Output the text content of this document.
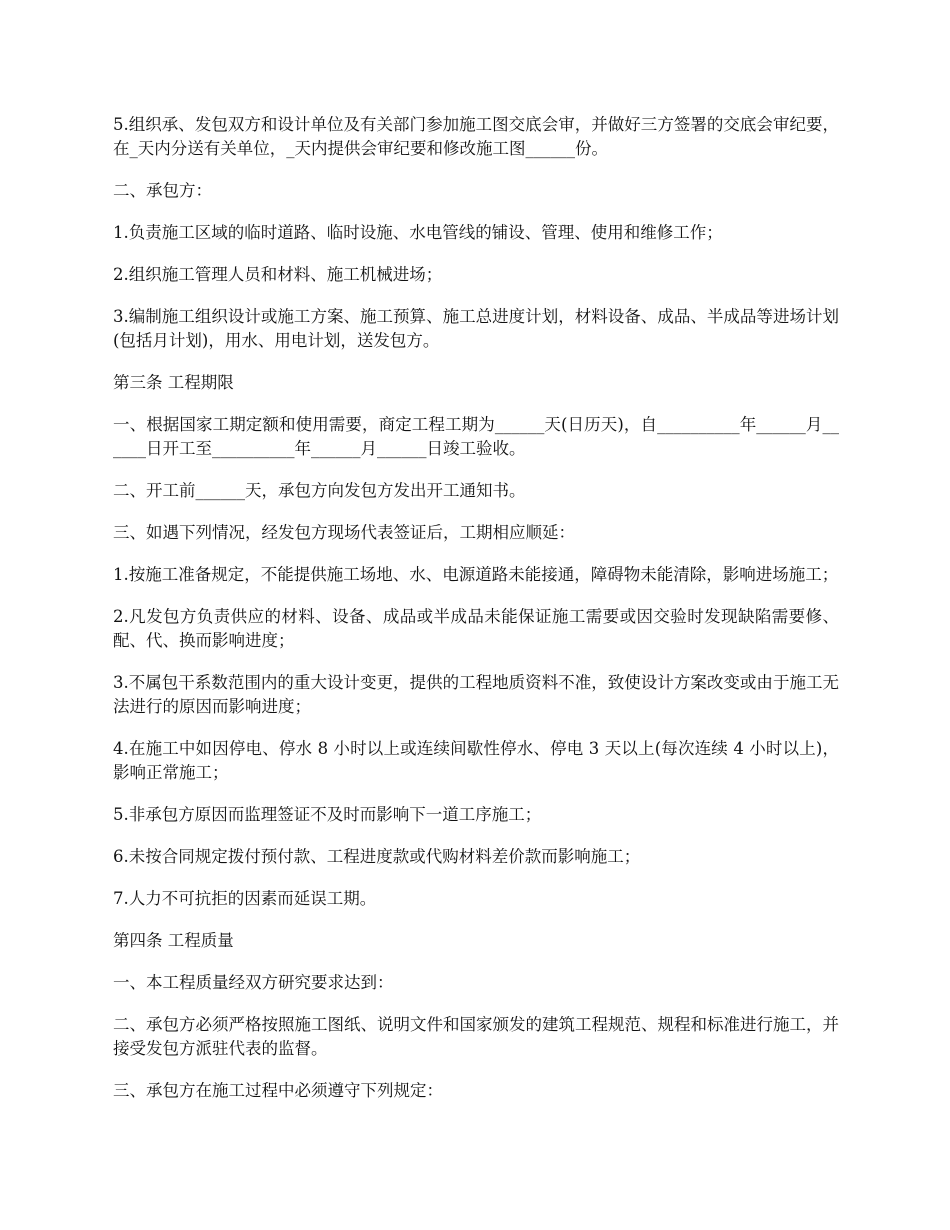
5.组织承、发包双方和设计单位及有关部门参加施工图交底会审，并做好三方签署的交底会审纪要，在_天内分送有关单位，_天内提供会审纪要和修改施工图______份。

二、承包方：

1.负责施工区域的临时道路、临时设施、水电管线的铺设、管理、使用和维修工作；

2.组织施工管理人员和材料、施工机械进场；

3.编制施工组织设计或施工方案、施工预算、施工总进度计划，材料设备、成品、半成品等进场计划(包括月计划)，用水、用电计划，送发包方。

第三条 工程期限

一、根据国家工期定额和使用需要，商定工程工期为______天(日历天)，自__________年______月______日开工至__________年______月______日竣工验收。

二、开工前______天，承包方向发包方发出开工通知书。

三、如遇下列情况，经发包方现场代表签证后，工期相应顺延：

1.按施工准备规定，不能提供施工场地、水、电源道路未能接通，障碍物未能清除，影响进场施工；

2.凡发包方负责供应的材料、设备、成品或半成品未能保证施工需要或因交验时发现缺陷需要修、配、代、换而影响进度；

3.不属包干系数范围内的重大设计变更，提供的工程地质资料不准，致使设计方案改变或由于施工无法进行的原因而影响进度；

4.在施工中如因停电、停水 8 小时以上或连续间歇性停水、停电 3 天以上(每次连续 4 小时以上)，影响正常施工；

5.非承包方原因而监理签证不及时而影响下一道工序施工；

6.未按合同规定拨付预付款、工程进度款或代购材料差价款而影响施工；

7.人力不可抗拒的因素而延误工期。

第四条 工程质量

一、本工程质量经双方研究要求达到：

二、承包方必须严格按照施工图纸、说明文件和国家颁发的建筑工程规范、规程和标准进行施工，并接受发包方派驻代表的监督。

三、承包方在施工过程中必须遵守下列规定：
